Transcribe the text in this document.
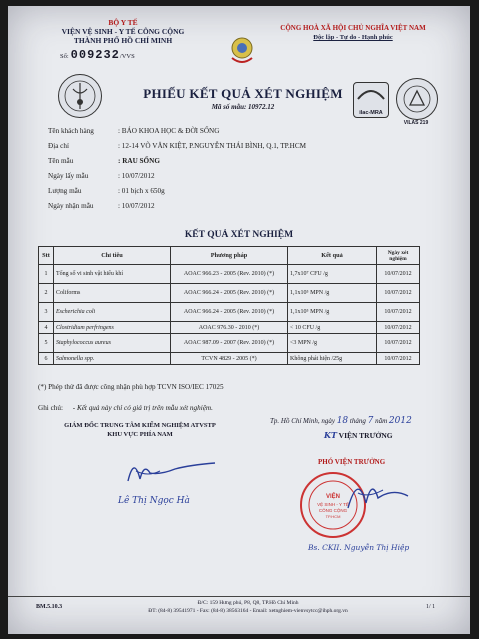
BỘ Y TẾ
VIỆN VỆ SINH - Y TẾ CÔNG CỘNG
THÀNH PHỐ HỒ CHÍ MINH
Số: 009232/VVS
CỘNG HOÀ XÃ HỘI CHỦ NGHĨA VIỆT NAM
Độc lập - Tự do - Hạnh phúc
PHIẾU KẾT QUẢ XÉT NGHIỆM
Mã số mẫu: 10972.12
ilac-MRA
VILAS 219
Tên khách hàng	: BÁO KHOA HỌC & ĐỜI SỐNG
Địa chỉ	: 12-14 VÕ VĂN KIỆT, P.NGUYỄN THÁI BÌNH, Q.1, TP.HCM
Tên mẫu	: RAU SỐNG
Ngày lấy mẫu	: 10/07/2012
Lượng mẫu	: 01 bịch x 650g
Ngày nhận mẫu	: 10/07/2012
KẾT QUẢ XÉT NGHIỆM
Stt	Chỉ tiêu	Phương pháp	Kết quả	Ngày xét nghiệm
1	Tổng số vi sinh vật hiếu khí	AOAC 966.23 - 2005 (Rev. 2010) (*)	1,7x10⁷ CFU /g	10/07/2012
2	Coliforms	AOAC 966.24 - 2005 (Rev. 2010) (*)	1,1x10⁵ MPN /g	10/07/2012
3	Escherichia coli	AOAC 966.24 - 2005 (Rev. 2010) (*)	1,1x10⁵ MPN /g	10/07/2012
4	Clostridium perfringens	AOAC 976.30 - 2010 (*)	< 10 CFU /g	10/07/2012
5	Staphylococcus aureus	AOAC 987.09 - 2007 (Rev. 2010) (*)	<3 MPN /g	10/07/2012
6	Salmonella spp.	TCVN 4829 - 2005 (*)	Không phát hiện /25g	10/07/2012
(*) Phép thử đã được công nhận phù hợp TCVN ISO/IEC 17025
Ghi chú: - Kết quả này chỉ có giá trị trên mẫu xét nghiệm.
GIÁM ĐỐC TRUNG TÂM KIỂM NGHIỆM ATVSTP
KHU VỰC PHÍA NAM
Lê Thị Ngọc Hà
Tp. Hồ Chí Minh, ngày 18 tháng 7 năm 2012
KT VIỆN TRƯỞNG
PHÓ VIỆN TRƯỞNG
VIỆN
VỆ SINH - Y TẾ
CÔNG CỘNG
TP.HCM
Bs. CKII. Nguyễn Thị Hiệp
BM.5.10.3
Đ/C: 159 Hưng phú, P8, Q8, TP.Hồ Chí Minh
ĐT: (84-8) 39541971 - Fax: (84-8) 38563164 - Email: xetnghiem-vienvsytcc@ihph.org.vn
1/ 1
